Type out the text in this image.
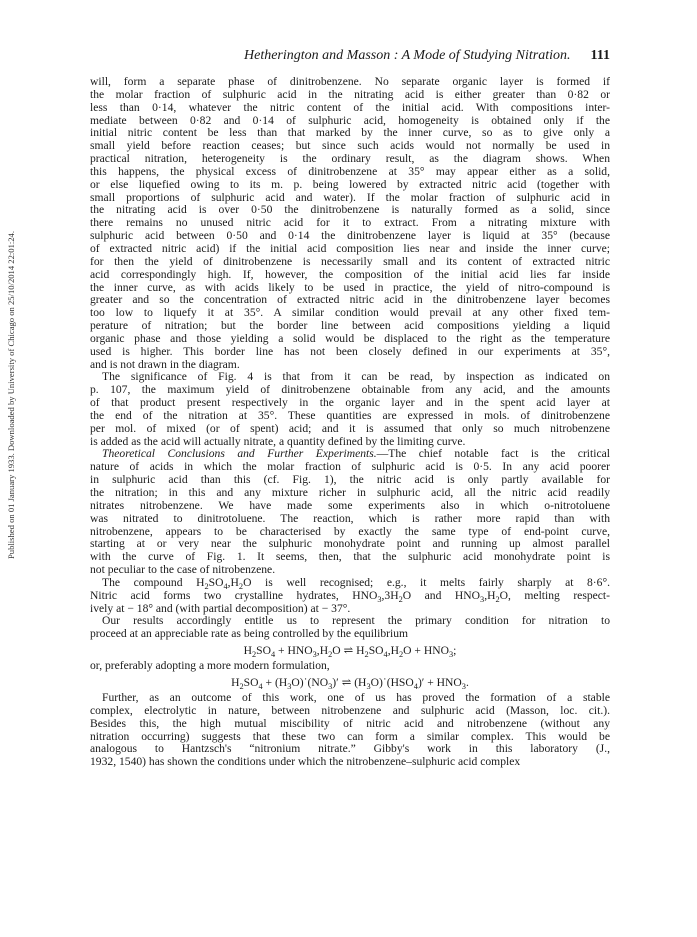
Published on 01 January 1933. Downloaded by University of Chicago on 25/10/2014 22:01:24.
Hetherington and Masson : A Mode of Studying Nitration. 111
will, form a separate phase of dinitrobenzene. No separate organic layer is formed if
the molar fraction of sulphuric acid in the nitrating acid is either greater than 0·82 or
less than 0·14, whatever the nitric content of the initial acid. With compositions inter-
mediate between 0·82 and 0·14 of sulphuric acid, homogeneity is obtained only if the
initial nitric content be less than that marked by the inner curve, so as to give only a
small yield before reaction ceases; but since such acids would not normally be used in
practical nitration, heterogeneity is the ordinary result, as the diagram shows. When
this happens, the physical excess of dinitrobenzene at 35° may appear either as a solid,
or else liquefied owing to its m. p. being lowered by extracted nitric acid (together with
small proportions of sulphuric acid and water). If the molar fraction of sulphuric acid in
the nitrating acid is over 0·50 the dinitrobenzene is naturally formed as a solid, since
there remains no unused nitric acid for it to extract. From a nitrating mixture with
sulphuric acid between 0·50 and 0·14 the dinitrobenzene layer is liquid at 35° (because
of extracted nitric acid) if the initial acid composition lies near and inside the inner curve;
for then the yield of dinitrobenzene is necessarily small and its content of extracted nitric
acid correspondingly high. If, however, the composition of the initial acid lies far inside
the inner curve, as with acids likely to be used in practice, the yield of nitro-compound is
greater and so the concentration of extracted nitric acid in the dinitrobenzene layer becomes
too low to liquefy it at 35°. A similar condition would prevail at any other fixed tem-
perature of nitration; but the border line between acid compositions yielding a liquid
organic phase and those yielding a solid would be displaced to the right as the temperature
used is higher. This border line has not been closely defined in our experiments at 35°,
and is not drawn in the diagram.
The significance of Fig. 4 is that from it can be read, by inspection as indicated on
p. 107, the maximum yield of dinitrobenzene obtainable from any acid, and the amounts
of that product present respectively in the organic layer and in the spent acid layer at
the end of the nitration at 35°. These quantities are expressed in mols. of dinitrobenzene
per mol. of mixed (or of spent) acid; and it is assumed that only so much nitrobenzene
is added as the acid will actually nitrate, a quantity defined by the limiting curve.
Theoretical Conclusions and Further Experiments.—The chief notable fact is the critical
nature of acids in which the molar fraction of sulphuric acid is 0·5. In any acid poorer
in sulphuric acid than this (cf. Fig. 1), the nitric acid is only partly available for
the nitration; in this and any mixture richer in sulphuric acid, all the nitric acid readily
nitrates nitrobenzene. We have made some experiments also in which o-nitrotoluene
was nitrated to dinitrotoluene. The reaction, which is rather more rapid than with
nitrobenzene, appears to be characterised by exactly the same type of end-point curve,
starting at or very near the sulphuric monohydrate point and running up almost parallel
with the curve of Fig. 1. It seems, then, that the sulphuric acid monohydrate point is
not peculiar to the case of nitrobenzene.
The compound $H_2SO_4,H_2O$ is well recognised; e.g., it melts fairly sharply at 8·6°.
Nitric acid forms two crystalline hydrates, $HNO_3,3H_2O$ and $HNO_3,H_2O$, melting respect-
ively at − 18° and (with partial decomposition) at − 37°.
Our results accordingly entitle us to represent the primary condition for nitration to
proceed at an appreciable rate as being controlled by the equilibrium
$H_2SO_4 + HNO_3,H_2O$ ⇌ $H_2SO_4,H_2O + HNO_3$;
or, preferably adopting a more modern formulation,
$H_2SO_4$ + $(H_3O)˙(NO_3)'$ ⇌ $(H_3O)˙(HSO_4)' + HNO_3$.
Further, as an outcome of this work, one of us has proved the formation of a stable
complex, electrolytic in nature, between nitrobenzene and sulphuric acid (Masson, loc. cit.).
Besides this, the high mutual miscibility of nitric acid and nitrobenzene (without any
nitration occurring) suggests that these two can form a similar complex. This would be
analogous to Hantzsch's “nitronium nitrate.” Gibby's work in this laboratory (J.,
1932, 1540) has shown the conditions under which the nitrobenzene–sulphuric acid complex
